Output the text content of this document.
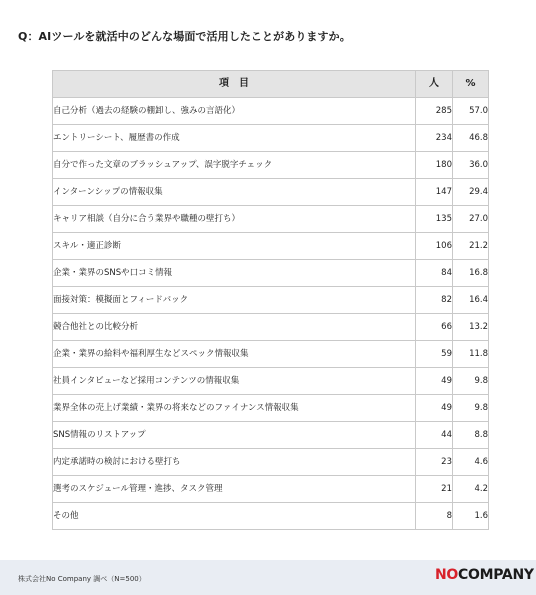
Q：AIツールを就活中のどんな場面で活用したことがありますか。
項　目	人	%
自己分析（過去の経験の棚卸し、強みの言語化）	285	57.0
エントリーシート、履歴書の作成	234	46.8
自分で作った文章のブラッシュアップ、誤字脱字チェック	180	36.0
インターンシップの情報収集	147	29.4
キャリア相談（自分に合う業界や職種の壁打ち）	135	27.0
スキル・適正診断	106	21.2
企業・業界のSNSや口コミ情報	84	16.8
面接対策：模擬面とフィードバック	82	16.4
競合他社との比較分析	66	13.2
企業・業界の給料や福利厚生などスペック情報収集	59	11.8
社員インタビューなど採用コンテンツの情報収集	49	9.8
業界全体の売上げ業績・業界の将来などのファイナンス情報収集	49	9.8
SNS情報のリストアップ	44	8.8
内定承諾時の検討における壁打ち	23	4.6
選考のスケジュール管理・進捗、タスク管理	21	4.2
その他	8	1.6
株式会社No Company 調べ（N=500）	NOCOMPANY
